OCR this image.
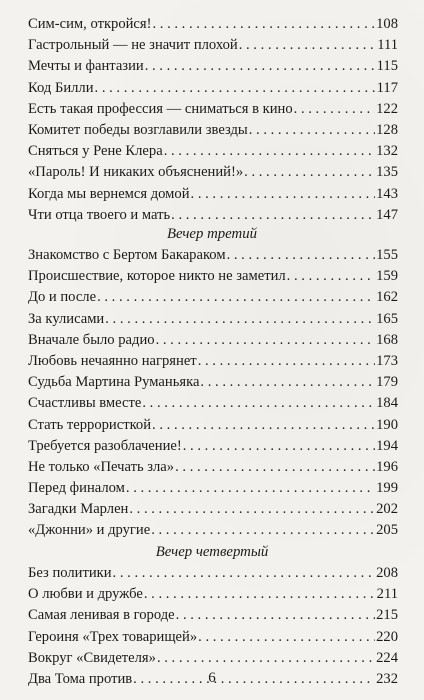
Сим-сим, откройся! . . .	108
Гастрольный — не значит плохой . . .	111
Мечты и фантазии . . .	115
Код Билли . . .	117
Есть такая профессия — сниматься в кино . . .	122
Комитет победы возглавили звезды . . .	128
Сняться у Рене Клера . . .	132
«Пароль! И никаких объяснений!» . . .	135
Когда мы вернемся домой . . .	143
Чти отца твоего и мать . . .	147
Вечер третий
Знакомство с Бертом Бакараком . . .	155
Происшествие, которое никто не заметил . . .	159
До и после . . .	162
За кулисами . . .	165
Вначале было радио . . .	168
Любовь нечаянно нагрянет . . .	173
Судьба Мартина Руманьяка . . .	179
Счастливы вместе . . .	184
Стать террористкой . . .	190
Требуется разоблачение! . . .	194
Не только «Печать зла» . . .	196
Перед финалом . . .	199
Загадки Марлен . . .	202
«Джонни» и другие . . .	205
Вечер четвертый
Без политики . . .	208
О любви и дружбе . . .	211
Самая ленивая в городе . . .	215
Героиня «Трех товарищей» . . .	220
Вокруг «Свидетеля» . . .	224
Два Тома против . . .	232
6
